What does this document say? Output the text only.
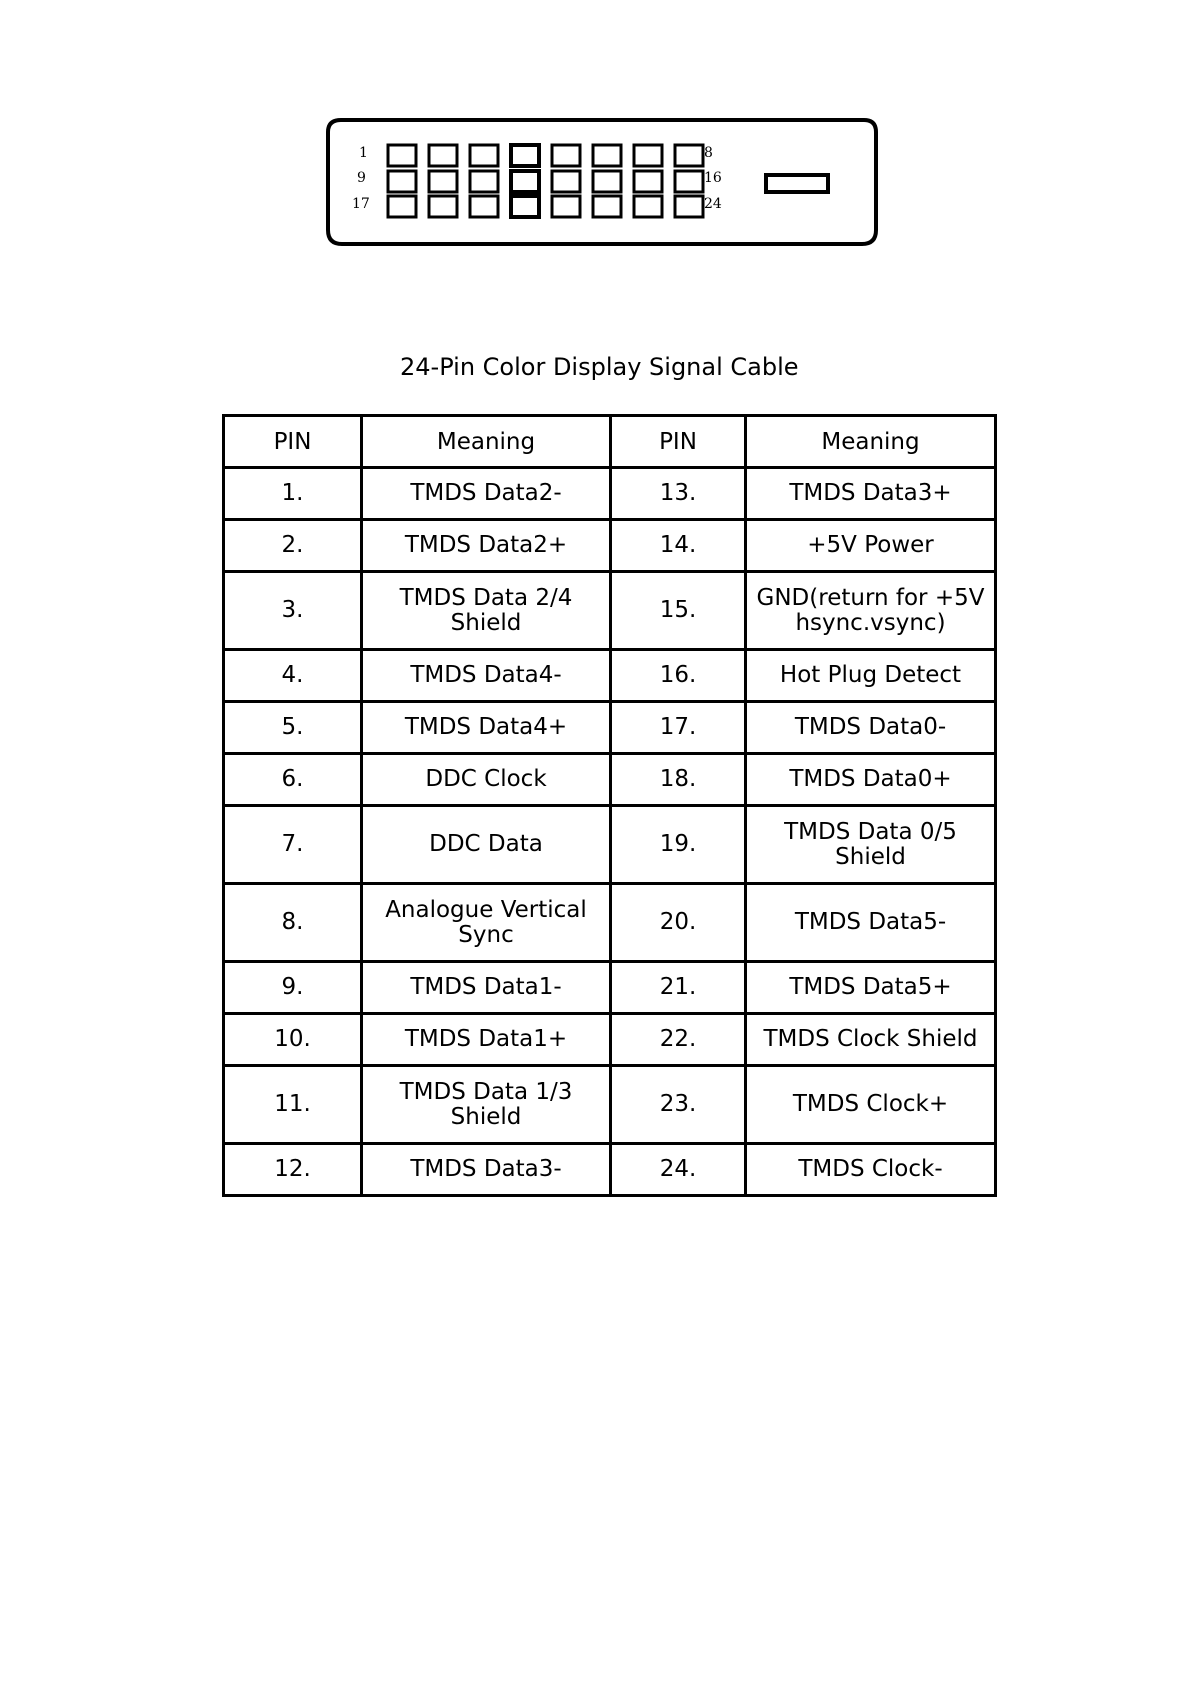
1
9
17
8
16
24
24-Pin Color Display Signal Cable
PIN	Meaning	PIN	Meaning
1.	TMDS Data2-	13.	TMDS Data3+
2.	TMDS Data2+	14.	+5V Power
3.	TMDS Data 2/4 Shield	15.	GND(return for +5V hsync.vsync)
4.	TMDS Data4-	16.	Hot Plug Detect
5.	TMDS Data4+	17.	TMDS Data0-
6.	DDC Clock	18.	TMDS Data0+
7.	DDC Data	19.	TMDS Data 0/5 Shield
8.	Analogue Vertical Sync	20.	TMDS Data5-
9.	TMDS Data1-	21.	TMDS Data5+
10.	TMDS Data1+	22.	TMDS Clock Shield
11.	TMDS Data 1/3 Shield	23.	TMDS Clock+
12.	TMDS Data3-	24.	TMDS Clock-
